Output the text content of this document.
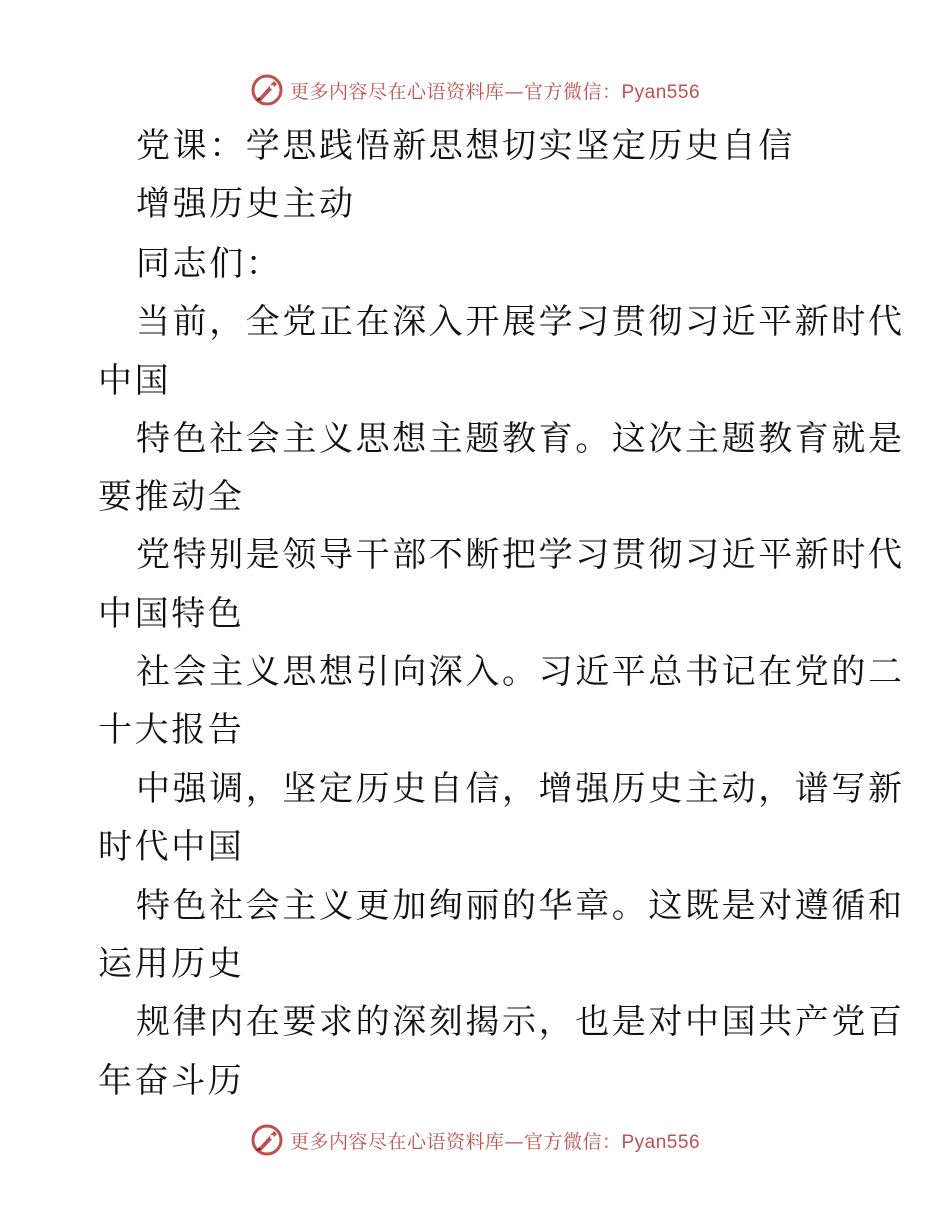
更多内容尽在心语资料库—官方微信：Pyan556
党课：学思践悟新思想切实坚定历史自信
增强历史主动
同志们：
当前，全党正在深入开展学习贯彻习近平新时代
中国
特色社会主义思想主题教育。这次主题教育就是
要推动全
党特别是领导干部不断把学习贯彻习近平新时代
中国特色
社会主义思想引向深入。习近平总书记在党的二
十大报告
中强调，坚定历史自信，增强历史主动，谱写新
时代中国
特色社会主义更加绚丽的华章。这既是对遵循和
运用历史
规律内在要求的深刻揭示，也是对中国共产党百
年奋斗历
更多内容尽在心语资料库—官方微信：Pyan556
